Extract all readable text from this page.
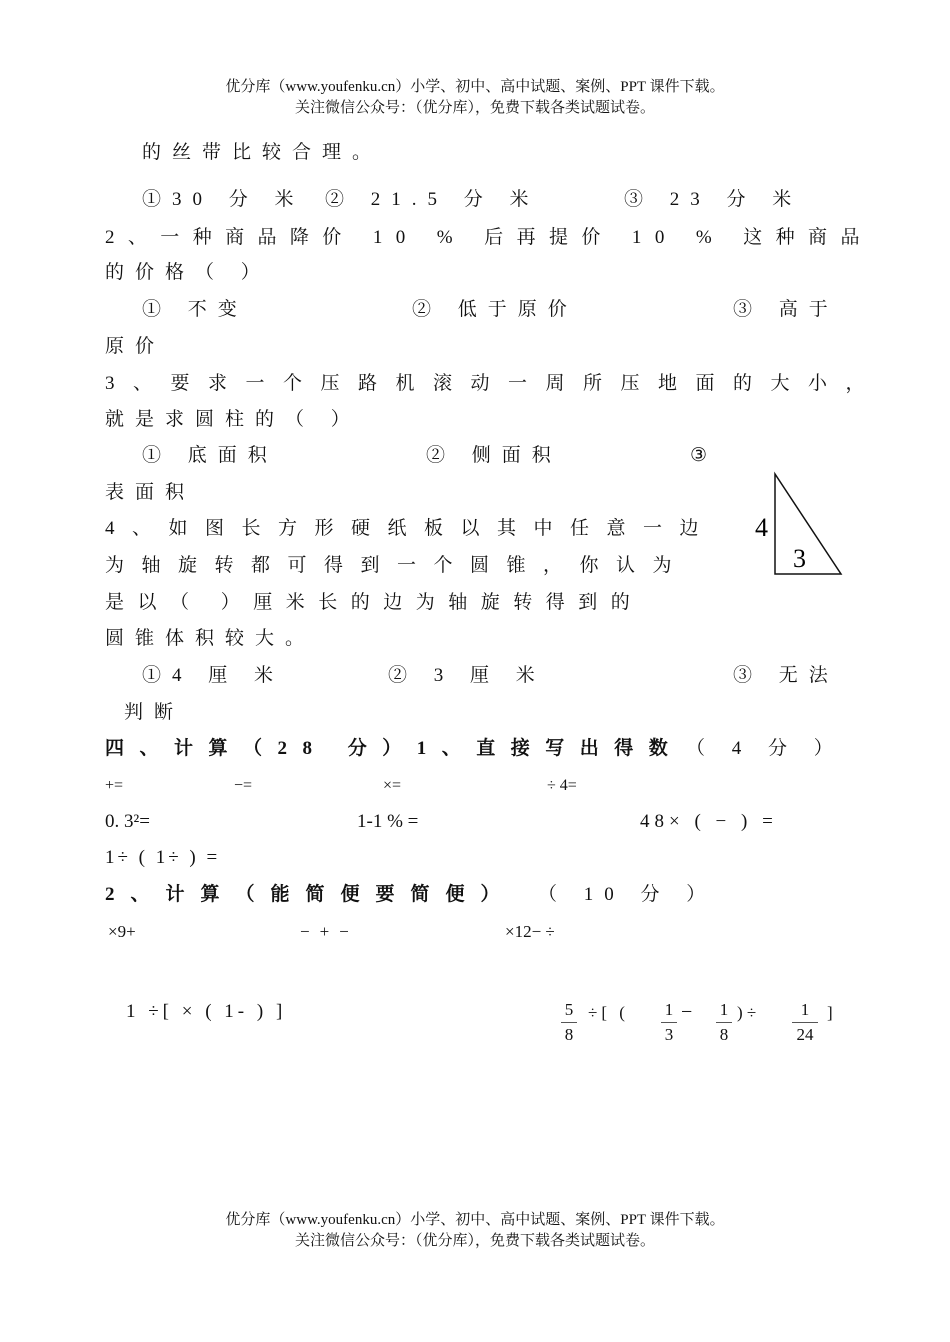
优分库（www.youfenku.cn）小学、初中、高中试题、案例、PPT 课件下载。
关注微信公众号：（优分库），免费下载各类试题试卷。
的丝带比较合理。
①30 分 米 ② 21.5 分 米	③ 23 分 米
2、一种商品降价 10 % 后再提价 10 % 这种商品
的价格（ ）
① 不变	② 低于原价	③ 高于
原价
3、要求一个压路机滚动一周所压地面的大小，
就是求圆柱的（ ）
① 底面积	② 侧面积	③
表面积
4、如图长方形硬纸板以其中任意一边
为轴旋转都可得到一个圆锥，你认为
是以（ ）厘米长的边为轴旋转得到的
圆锥体积较大。
①4 厘 米	② 3 厘 米	③ 无法
判断
4
3
四、计算（28 分）1、直接写出得数 （ 4 分 ）
+=	−=	×=	÷ 4=
0. 3²=	1-1 % =	48× ( − ) =
1÷ ( 1÷ ) =
2、计算（能简便要简便） （ 10 分 ）
×9+	−+−	×12− ÷
1 ÷[ × ( 1- ) ]	5
8
÷[ ( 1
3
− 1
8
) ÷	1
24
]
优分库（www.youfenku.cn）小学、初中、高中试题、案例、PPT 课件下载。
关注微信公众号：（优分库），免费下载各类试题试卷。
